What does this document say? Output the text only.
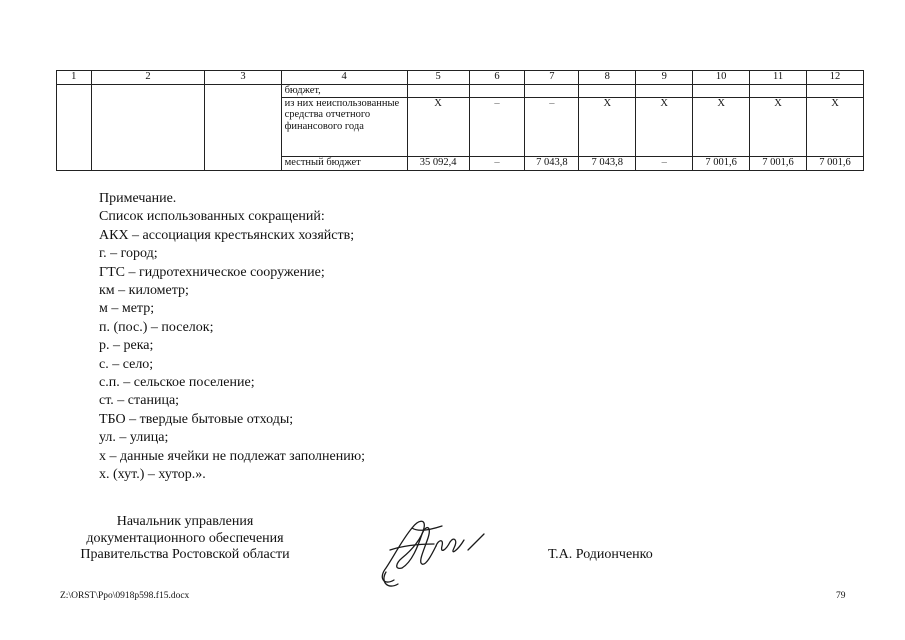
1	2	3	4	5	6	7	8	9	10	11	12
			бюджет,								
			из них неиспользованные средства отчетного финансового года	Х	–	–	Х	Х	Х	Х	Х
			местный бюджет	35 092,4	–	7 043,8	7 043,8	–	7 001,6	7 001,6	7 001,6
Примечание.
Список использованных сокращений:
АКХ – ассоциация крестьянских хозяйств;
г. – город;
ГТС – гидротехническое сооружение;
км – километр;
м – метр;
п. (пос.) – поселок;
р. – река;
с. – село;
с.п. – сельское поселение;
ст. – станица;
ТБО – твердые бытовые отходы;
ул. – улица;
х – данные ячейки не подлежат заполнению;
х. (хут.) – хутор.».
Начальник управления
документационного обеспечения
Правительства Ростовской области	Т.А. Родионченко
Z:\ORST\Ppo\0918p598.f15.docx	79
